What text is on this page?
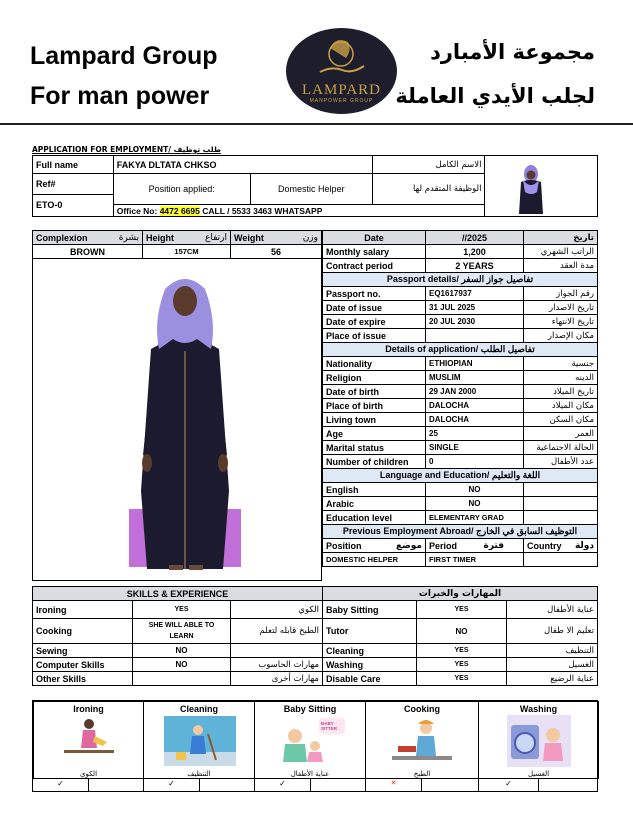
Lampard Group
For man power
مجموعة الأمبارد
لجلب الأيدي العاملة
LAMPARD
MANPOWER GROUP
APPLICATION FOR EMPLOYMENT/ طلب توظيف
Full name	FAKYA DLTATA CHKSO		الاسم الكامل	
Ref#	Position applied:	Domestic Helper	الوظيفة المتقدم لها	
ETO-0				
	Office No: 4472 6695 CALL / 5533 3463 WHATSAPP			
Complexion بشرة	Height ارتفاع	Weight وزن

BROWN	157CM	56

Date	//2025	تاريخ
Monthly salary	1,200	الراتب الشهري
Contract period	2 YEARS	مدة العقد
Passport details/ تفاصيل جواز السفر		
Passport no.	EQ1617937	رقم الجواز
Date of issue	31 JUL 2025	تاريخ الاصدار
Date of expire	20 JUL 2030	تاريخ الانتهاء
Place of issue		مكان الإصدار
Details of application/ تفاصيل الطلب		
Nationality	ETHIOPIAN	جنسية
Religion	MUSLIM	الدينه
Date of birth	29 JAN 2000	تاريخ الميلاد
Place of birth	DALOCHA	مكان الميلاد
Living town	DALOCHA	مكان السكن
Age	25	العمر
Marital status	SINGLE	الحالة الاجتماعية
Number of children	0	عدد الأطفال
Language and Education/ اللغة والتعليم		
English	NO	
Arabic	NO	
Education level	ELEMENTARY GRAD	
Previous Employment Abroad/ التوظيف السابق في الخارج		
Position موضع	Period فترة	Country دولة

DOMESTIC HELPER	FIRST TIMER	
SKILLS & EXPERIENCE			المهارات والخبرات		
Ironing	YES	الكوي	Baby Sitting	YES	عناية الأطفال
Cooking	SHE WILL ABLE TO LEARN	الطبخ قابله لتعلم	Tutor	NO	تعليم الا طفال
Sewing	NO		Cleaning	YES	التنظيف
Computer Skills	NO	مهارات الحاسوب	Washing	YES	الغسيل
Other Skills		مهارات أخرى	Disable Care	YES	عناية الرضيع
Ironing
الكوي
Cleaning
التنظيف
Baby Sitting
BABY SITTER
عناية الأطفال
Cooking
الطبخ
Washing
الغسيل
✓	✓	✓	✕	✓
